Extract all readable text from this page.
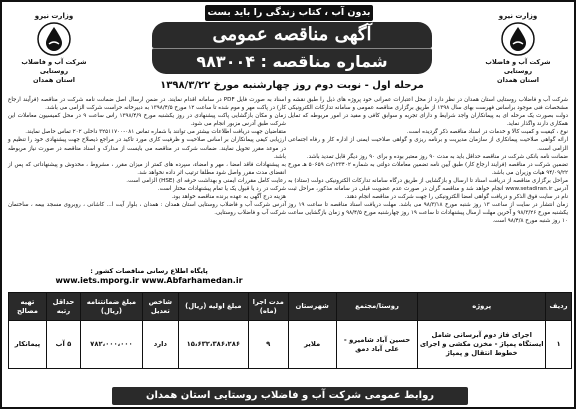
بدون آب ، کتاب زندگی را باید بست	وزارت نیرو
شرکت آب و فاضلاب روستایی
استان همدان
وزارت نیرو
شرکت آب و فاضلاب روستایی
استان همدان
آگهی مناقصه عمومی
شماره مناقصه : ۹۸۳۰۰۴
مرحله اول - نوبت دوم روز چهارشنبه مورخ ۱۳۹۸/۳/۲۲

شرکت آب و فاضلاب روستایی استان همدان در نظر دارد از محل اعتبارات عمرانی خود پروژه های ذیل را طبق نقشه و مشخصات فنی موجود براساس فهرست بهای سال ۱۳۹۸ از طریق برگزاری مناقصه عمومی و سامانه تدارکات الکترونیکی دولت بصورت یک مرحله ای به پیمانکاران واجد شرایط و دارای تجربه و سوابق کافی و مفید در امور مربوطه که تمایل همکاری دارند واگذار نماید.

نوع ، کیفیت و کمیت کالا و خدمات در اسناد مناقصه ذکر گردیده است.

ارائه گواهی صلاحیت پیمانکاری از سازمان مدیریت و برنامه ریزی و گواهی صلاحیت ایمنی از اداره کار و رفاه اجتماعی الزامی است.

ضمانت نامه بانکی شرکت در مناقصه حداقل باید به مدت ۹۰ روز معتبر بوده و برای ۹۰ روز دیگر قابل تمدید باشد.

تضمین شرکت در مناقصه (فرایند ارجاع کار) طبق آیین نامه تضمین معاملات دولتی به شماره ۱۲۳۴۰۲/ت ۵۰۶۵۹ هـ مورخ ۹۴/۰۹/۲۲ هیات وزیران می باشد.

مراحل برگزاری مناقصه از دریافت اسناد تا ارسال و بازگشایی از طریق درگاه سامانه تدارکات الکترونیکی دولت (ستاد) به آدرس www.setadiran.ir انجام خواهد شد و مناقصه گران در صورت عدم عضویت قبلی در سامانه مذکور، مراحل ثبت نام در سایت فوق الذکر و دریافت گواهی امضا الکترونیکی را جهت شرکت در مناقصه انجام دهند.

زمان انتشار در سایت از ساعت ۱۳ روز شنبه مورخ ۹۸/۳/۱۸ می باشد. مهلت دریافت اسناد مناقصه تا ساعت ۱۹ روز یکشنبه مورخ ۹۸/۳/۲۶ و آخرین مهلت ارسال پیشنهادات تا ساعت ۱۹ روز چهارشنبه مورخ ۹۸/۴/۵ و زمان بازگشایی ساعت ۱۰ روز شنبه مورخ ۹۸/۴/۸ است.

اسناد به صورت فایل PDF در سامانه اقدام نمایند. در ضمن ارسال اصل ضمانت نامه شرکت در مناقصه (فرآیند ارجاع کار) در پاکت مهر و موم شده تا ساعت ۱۲ مورخ ۱۳۹۸/۴/۵ به دبیرخانه حراست شرکت الزامی می باشد.

زمان و مکان بازگشایی پاکت پیشنهادی در روز یکشنبه مورخ ۱۳۹۸/۴/۹ راس ساعت ۹ در محل کمیسیون معاملات این شرکت طبق آدرس مزبور انجام می شود.

متقاضیان جهت دریافت اطلاعات بیشتر می توانند با شماره تماس ۰۸۱-۳۲۵۱۱۷۰۰ داخلی ۲۰۲ تماس حاصل نمایند.

ارزیابی کیفی پیمانکاران بر اساس صلاحیت و ظرفیت کاری مورد تاکید در مراجع ذیصلاح جهت پیشنهادی خود را تنظیم و در موعد مقرر تحویل نمایند. ضمانت شرکت در مناقصه می بایست از مدارک و اسناد مناقصه در صورت نیاز مربوطه باشد.

به پیشنهادات فاقد امضا ، مهر و امضاء، سپرده های کمتر از میزان مقرر ، مشروط ، مخدوش و پیشنهاداتی که پس از انقضای مدت مقرر واصل شود مطلقا ترتیب اثر داده نخواهد شد.

رعایت کامل مقررات ایمنی و بهداشت حرفه ای (HSE) الزامی است.

شرکت در رد یا قبول یک یا تمام پیشنهادات مختار است.

هزینه درج آگهی به عهده برنده مناقصه خواهد بود.

آدرس شرکت آب و فاضلاب روستایی استان همدان : همدان ، بلوار آیت ا... کاشانی ، روبروی مسجد بیمه ، ساختمان شرکت آب و فاضلاب روستایی.

پایگاه اطلاع رسانی مناقصات کشور :
www.iets.mporg.ir www.Abfarhamedan.ir
ردیف	پروژه	روستا/مجتمع	شهرستان	مدت اجرا (ماه)	مبلغ اولیه (ریال)	شاخص تعدیل	مبلغ ضمانتنامه (ریال)	حداقل رتبه	تهیه مصالح
۱	اجرای فاز دوم آبرسانی شامل ایستگاه پمپاژ - مخزن مکشی و اجرای خطوط انتقال و پمپاژ	حسین آباد شامیرو - علی آباد دمق	ملایر	۹	۱۵،۶۳۲،۳۸۶،۲۸۶	دارد	۷۸۲،۰۰۰،۰۰۰	۵ آب	پیمانکار
روابط عمومی شرکت آب و فاضلاب روستایی استان همدان
